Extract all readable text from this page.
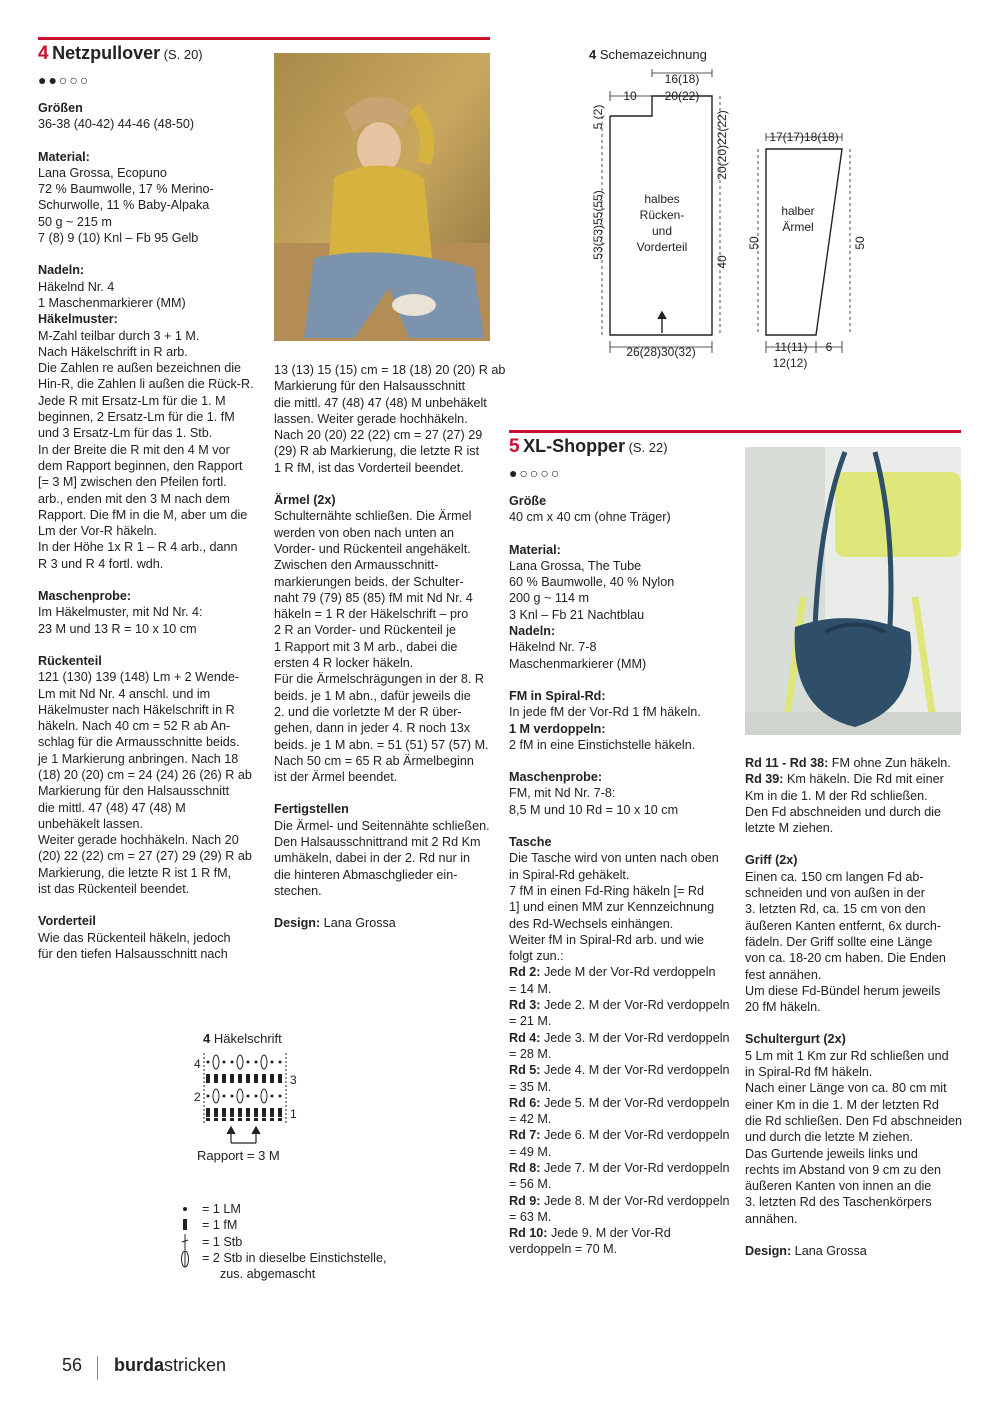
4 Netzpullover (S. 20)
●●○○○

Größen
36-38 (40-42) 44-46 (48-50)

Material:
Lana Grossa, Ecopuno
72 % Baumwolle, 17 % Merino-
Schurwolle, 11 % Baby-Alpaka
50 g ~ 215 m
7 (8) 9 (10) Knl – Fb 95 Gelb

Nadeln:
Häkelnd Nr. 4
1 Maschenmarkierer (MM)

Häkelmuster:
M-Zahl teilbar durch 3 + 1 M.
Nach Häkelschrift in R arb.
Die Zahlen re außen bezeichnen die
Hin-R, die Zahlen li außen die Rück-R.
Jede R mit Ersatz-Lm für die 1. M
beginnen, 2 Ersatz-Lm für die 1. fM
und 3 Ersatz-Lm für das 1. Stb.
In der Breite die R mit den 4 M vor
dem Rapport beginnen, den Rapport
[= 3 M] zwischen den Pfeilen fortl.
arb., enden mit den 3 M nach dem
Rapport. Die fM in die M, aber um die
Lm der Vor-R häkeln.
In der Höhe 1x R 1 – R 4 arb., dann
R 3 und R 4 fortl. wdh.

Maschenprobe:
Im Häkelmuster, mit Nd Nr. 4:
23 M und 13 R = 10 x 10 cm

Rückenteil
121 (130) 139 (148) Lm + 2 Wende-
Lm mit Nd Nr. 4 anschl. und im
Häkelmuster nach Häkelschrift in R
häkeln. Nach 40 cm = 52 R ab An-
schlag für die Armausschnitte beids.
je 1 Markierung anbringen. Nach 18
(18) 20 (20) cm = 24 (24) 26 (26) R ab
Markierung für den Halsausschnitt
die mittl. 47 (48) 47 (48) M
unbehäkelt lassen.
Weiter gerade hochhäkeln. Nach 20
(20) 22 (22) cm = 27 (27) 29 (29) R ab
Markierung, die letzte R ist 1 R fM,
ist das Rückenteil beendet.

Vorderteil
Wie das Rückenteil häkeln, jedoch
für den tiefen Halsausschnitt nach

13 (13) 15 (15) cm = 18 (18) 20 (20) R ab
Markierung für den Halsausschnitt
die mittl. 47 (48) 47 (48) M unbehäkelt
lassen. Weiter gerade hochhäkeln.
Nach 20 (20) 22 (22) cm = 27 (27) 29
(29) R ab Markierung, die letzte R ist
1 R fM, ist das Vorderteil beendet.

Ärmel (2x)
Schulternähte schließen. Die Ärmel
werden von oben nach unten an
Vorder- und Rückenteil angehäkelt.
Zwischen den Armausschnitt-
markierungen beids. der Schulter-
naht 79 (79) 85 (85) fM mit Nd Nr. 4
häkeln = 1 R der Häkelschrift – pro
2 R an Vorder- und Rückenteil je
1 Rapport mit 3 M arb., dabei die
ersten 4 R locker häkeln.
Für die Ärmelschrägungen in der 8. R
beids. je 1 M abn., dafür jeweils die
2. und die vorletzte M der R über-
gehen, dann in jeder 4. R noch 13x
beids. je 1 M abn. = 51 (51) 57 (57) M.
Nach 50 cm = 65 R ab Ärmelbeginn
ist der Ärmel beendet.

Fertigstellen
Die Ärmel- und Seitennähte schließen.
Den Halsausschnittrand mit 2 Rd Km
umhäkeln, dabei in der 2. Rd nur in
die hinteren Abmaschglieder ein-
stechen.

Design: Lana Grossa

4 Schemazeichnung
10
16(18)
20(22)
5 (2)
53(53)55(55)
20(20)22(22)
40
26(28)30(32)
halbes
Rücken-
und
Vorderteil
17(17)18(18)
50	50
halber
Ärmel
11(11) 6
12(12)
5 XL-Shopper (S. 22)
●○○○○

Größe
40 cm x 40 cm (ohne Träger)

Material:
Lana Grossa, The Tube
60 % Baumwolle, 40 % Nylon
200 g ~ 114 m
3 Knl – Fb 21 Nachtblau

Nadeln:
Häkelnd Nr. 7-8
Maschenmarkierer (MM)

FM in Spiral-Rd:
In jede fM der Vor-Rd 1 fM häkeln.

1 M verdoppeln:
2 fM in eine Einstichstelle häkeln.

Maschenprobe:
FM, mit Nd Nr. 7-8:
8,5 M und 10 Rd = 10 x 10 cm

Tasche
Die Tasche wird von unten nach oben
in Spiral-Rd gehäkelt.
7 fM in einen Fd-Ring häkeln [= Rd
1] und einen MM zur Kennzeichnung
des Rd-Wechsels einhängen.
Weiter fM in Spiral-Rd arb. und wie
folgt zun.:

Rd 2: Jede M der Vor-Rd verdoppeln
= 14 M.
Rd 3: Jede 2. M der Vor-Rd verdoppeln
= 21 M.
Rd 4: Jede 3. M der Vor-Rd verdoppeln
= 28 M.
Rd 5: Jede 4. M der Vor-Rd verdoppeln
= 35 M.
Rd 6: Jede 5. M der Vor-Rd verdoppeln
= 42 M.
Rd 7: Jede 6. M der Vor-Rd verdoppeln
= 49 M.
Rd 8: Jede 7. M der Vor-Rd verdoppeln
= 56 M.
Rd 9: Jede 8. M der Vor-Rd verdoppeln
= 63 M.
Rd 10: Jede 9. M der Vor-Rd
verdoppeln = 70 M.
Rd 11 - Rd 38: FM ohne Zun häkeln.
Rd 39: Km häkeln. Die Rd mit einer
Km in die 1. M der Rd schließen.
Den Fd abschneiden und durch die
letzte M ziehen.

Griff (2x)
Einen ca. 150 cm langen Fd ab-
schneiden und von außen in der
3. letzten Rd, ca. 15 cm von den
äußeren Kanten entfernt, 6x durch-
fädeln. Der Griff sollte eine Länge
von ca. 18-20 cm haben. Die Enden
fest annähen.
Um diese Fd-Bündel herum jeweils
20 fM häkeln.

Schultergurt (2x)
5 Lm mit 1 Km zur Rd schließen und
in Spiral-Rd fM häkeln.
Nach einer Länge von ca. 80 cm mit
einer Km in die 1. M der letzten Rd
die Rd schließen. Den Fd abschneiden
und durch die letzte M ziehen.
Das Gurtende jeweils links und
rechts im Abstand von 9 cm zu den
äußeren Kanten von innen an die
3. letzten Rd des Taschenkörpers
annähen.

Design: Lana Grossa

4 Häkelschrift
4
2
3
1
Rapport = 3 M
= 1 LM
= 1 fM
= 1 Stb
= 2 Stb in dieselbe Einstichstelle,
zus. abgemascht
56 burdastricken
